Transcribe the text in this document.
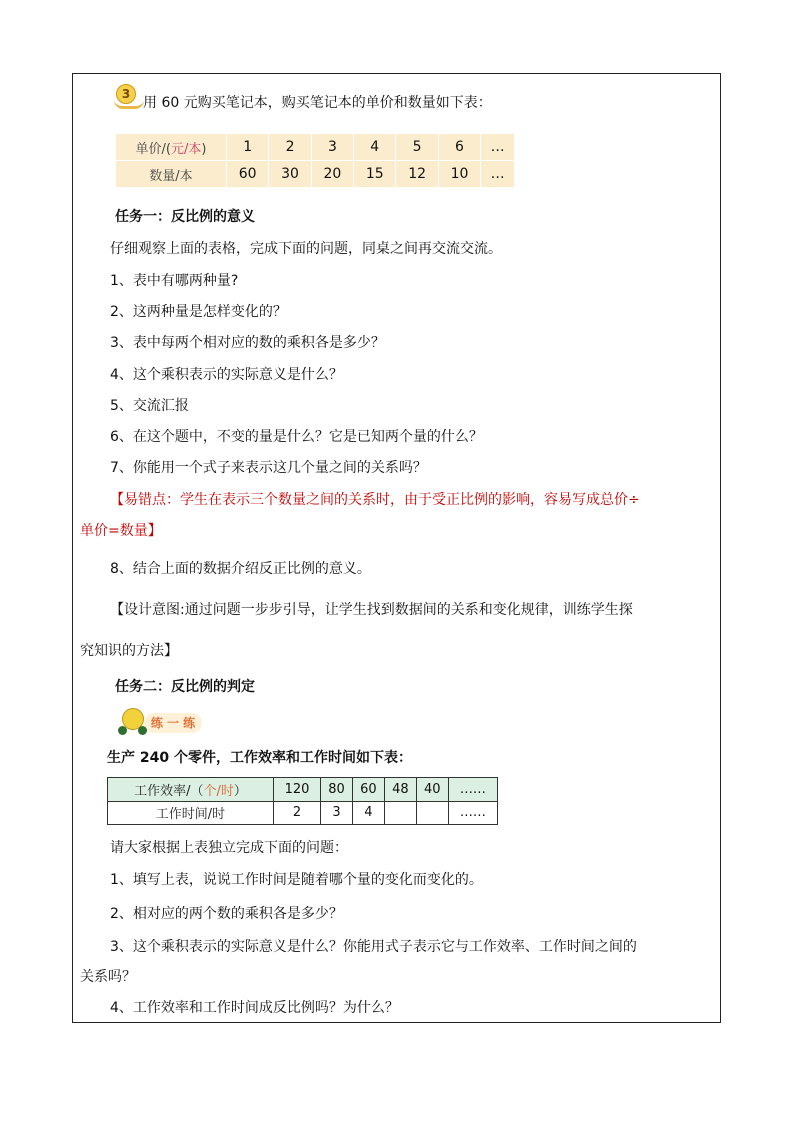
3
用 60 元购买笔记本，购买笔记本的单价和数量如下表：
单价/(元/本)	1	2	3	4	5	6	…
数量/本	60	30	20	15	12	10	…
任务一：反比例的意义
仔细观察上面的表格，完成下面的问题，同桌之间再交流交流。
1、表中有哪两种量?
2、这两种量是怎样变化的？
3、表中每两个相对应的数的乘积各是多少？
4、这个乘积表示的实际意义是什么？
5、交流汇报
6、在这个题中，不变的量是什么？它是已知两个量的什么？
7、你能用一个式子来表示这几个量之间的关系吗？
【易错点：学生在表示三个数量之间的关系时，由于受正比例的影响，容易写成总价÷
单价=数量】
8、结合上面的数据介绍反正比例的意义。
【设计意图:通过问题一步步引导，让学生找到数据间的关系和变化规律，训练学生探
究知识的方法】
任务二：反比例的判定
练 一 练
生产 240 个零件，工作效率和工作时间如下表：
工作效率/（个/时）	120	80	60	48	40	……
工作时间/时	2	3	4			……
请大家根据上表独立完成下面的问题：
1、填写上表，说说工作时间是随着哪个量的变化而变化的。
2、相对应的两个数的乘积各是多少？
3、这个乘积表示的实际意义是什么？你能用式子表示它与工作效率、工作时间之间的
关系吗？
4、工作效率和工作时间成反比例吗？为什么？
